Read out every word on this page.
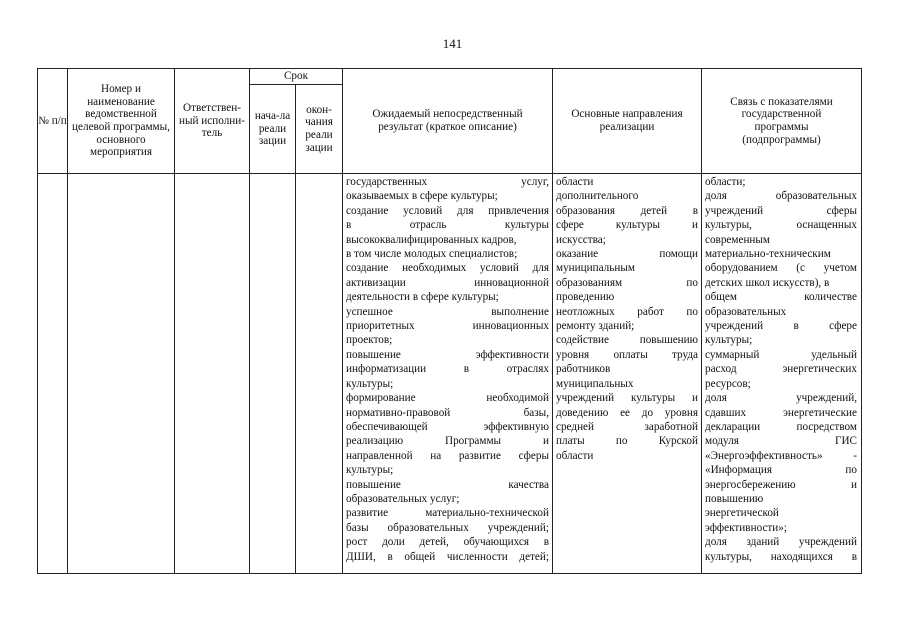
141
№ п/п
Номер и наименование ведомственной целевой программы, основного мероприятия
Ответствен-ный исполни-тель
Срок
нача-ла реали зации
окон-чания реали зации
Ожидаемый непосредственный результат (краткое описание)
Основные направления реализации
Связь с показателями государственной программы (подпрограммы)
государственных услуг,
оказываемых в сфере культуры;
создание условий для привлечения
в отрасль культуры
высококвалифицированных кадров,
в том числе молодых специалистов;
создание необходимых условий для
активизации инновационной
деятельности в сфере культуры;
успешное выполнение
приоритетных инновационных
проектов;
повышение эффективности
информатизации в отраслях
культуры;
формирование необходимой
нормативно-правовой базы,
обеспечивающей эффективную
реализацию Программы и
направленной на развитие сферы
культуры;
повышение качества
образовательных услуг;
развитие материально-технической
базы образовательных учреждений;
рост доли детей, обучающихся в
ДШИ, в общей численности детей;
области
дополнительного
образования детей в
сфере культуры и
искусства;
оказание помощи
муниципальным
образованиям по
проведению
неотложных работ по
ремонту зданий;
содействие повышению
уровня оплаты труда
работников
муниципальных
учреждений культуры и
доведению ее до уровня
средней заработной
платы по Курской
области
области;
доля образовательных
учреждений сферы
культуры, оснащенных
современным
материально-техническим
оборудованием (с учетом
детских школ искусств), в
общем количестве
образовательных
учреждений в сфере
культуры;
суммарный удельный
расход энергетических
ресурсов;
доля учреждений,
сдавших энергетические
декларации посредством
модуля ГИС
«Энергоэффективность» -
«Информация по
энергосбережению и
повышению
энергетической
эффективности»;
доля зданий учреждений
культуры, находящихся в
